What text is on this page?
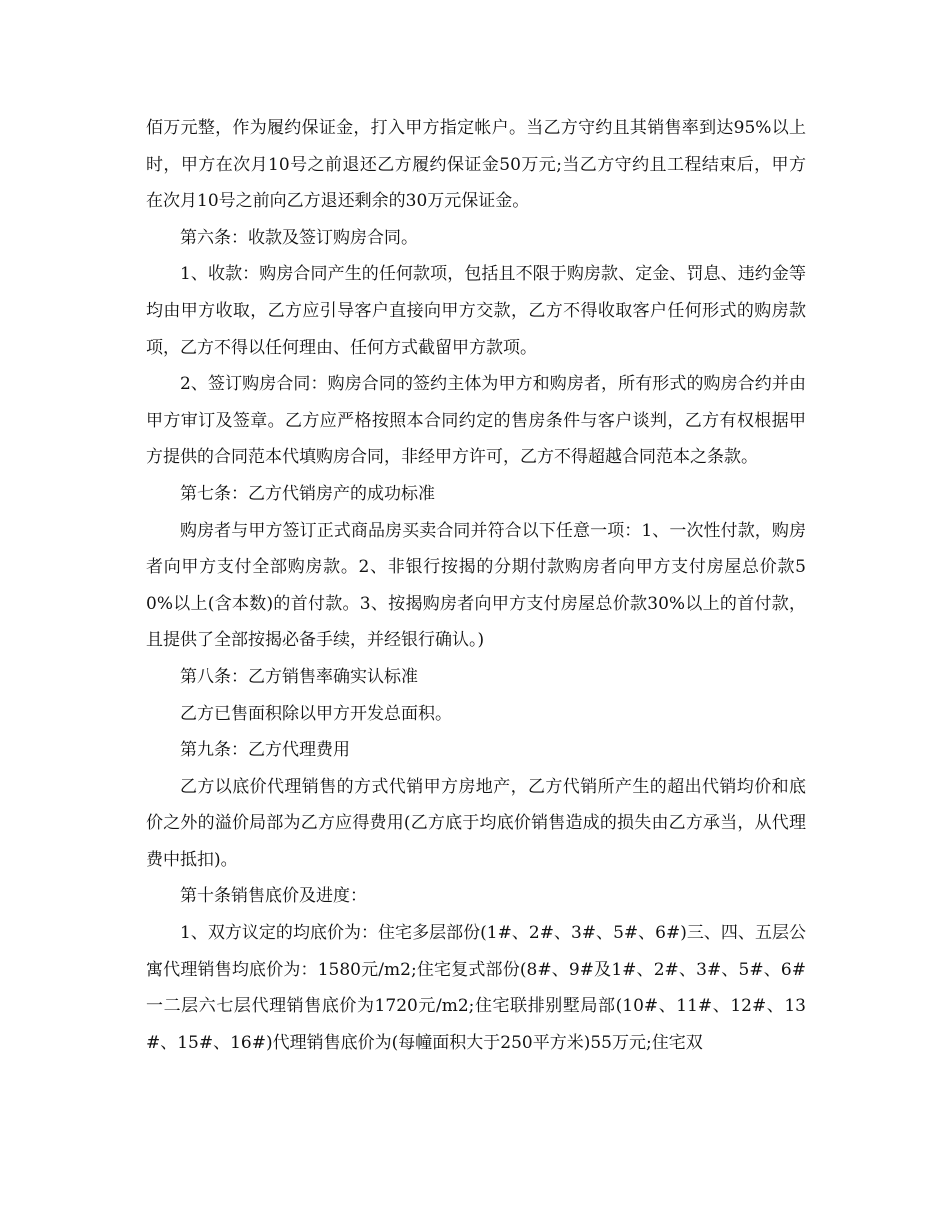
佰万元整，作为履约保证金，打入甲方指定帐户。当乙方守约且其销售率到达95%以上时，甲方在次月10号之前退还乙方履约保证金50万元;当乙方守约且工程结束后，甲方在次月10号之前向乙方退还剩余的30万元保证金。

第六条：收款及签订购房合同。

1、收款：购房合同产生的任何款项，包括且不限于购房款、定金、罚息、违约金等均由甲方收取，乙方应引导客户直接向甲方交款，乙方不得收取客户任何形式的购房款项，乙方不得以任何理由、任何方式截留甲方款项。

2、签订购房合同：购房合同的签约主体为甲方和购房者，所有形式的购房合约并由甲方审订及签章。乙方应严格按照本合同约定的售房条件与客户谈判，乙方有权根据甲方提供的合同范本代填购房合同，非经甲方许可，乙方不得超越合同范本之条款。

第七条：乙方代销房产的成功标准

购房者与甲方签订正式商品房买卖合同并符合以下任意一项：1、一次性付款，购房者向甲方支付全部购房款。2、非银行按揭的分期付款购房者向甲方支付房屋总价款50%以上(含本数)的首付款。3、按揭购房者向甲方支付房屋总价款30%以上的首付款，且提供了全部按揭必备手续，并经银行确认。)

第八条：乙方销售率确实认标准

乙方已售面积除以甲方开发总面积。

第九条：乙方代理费用

乙方以底价代理销售的方式代销甲方房地产，乙方代销所产生的超出代销均价和底价之外的溢价局部为乙方应得费用(乙方底于均底价销售造成的损失由乙方承当，从代理费中抵扣)。

第十条销售底价及进度：

1、双方议定的均底价为：住宅多层部份(1#、2#、3#、5#、6#)三、四、五层公寓代理销售均底价为：1580元/m2;住宅复式部份(8#、9#及1#、2#、3#、5#、6#一二层六七层代理销售底价为1720元/m2;住宅联排别墅局部(10#、11#、12#、13#、15#、16#)代理销售底价为(每幢面积大于250平方米)55万元;住宅双
